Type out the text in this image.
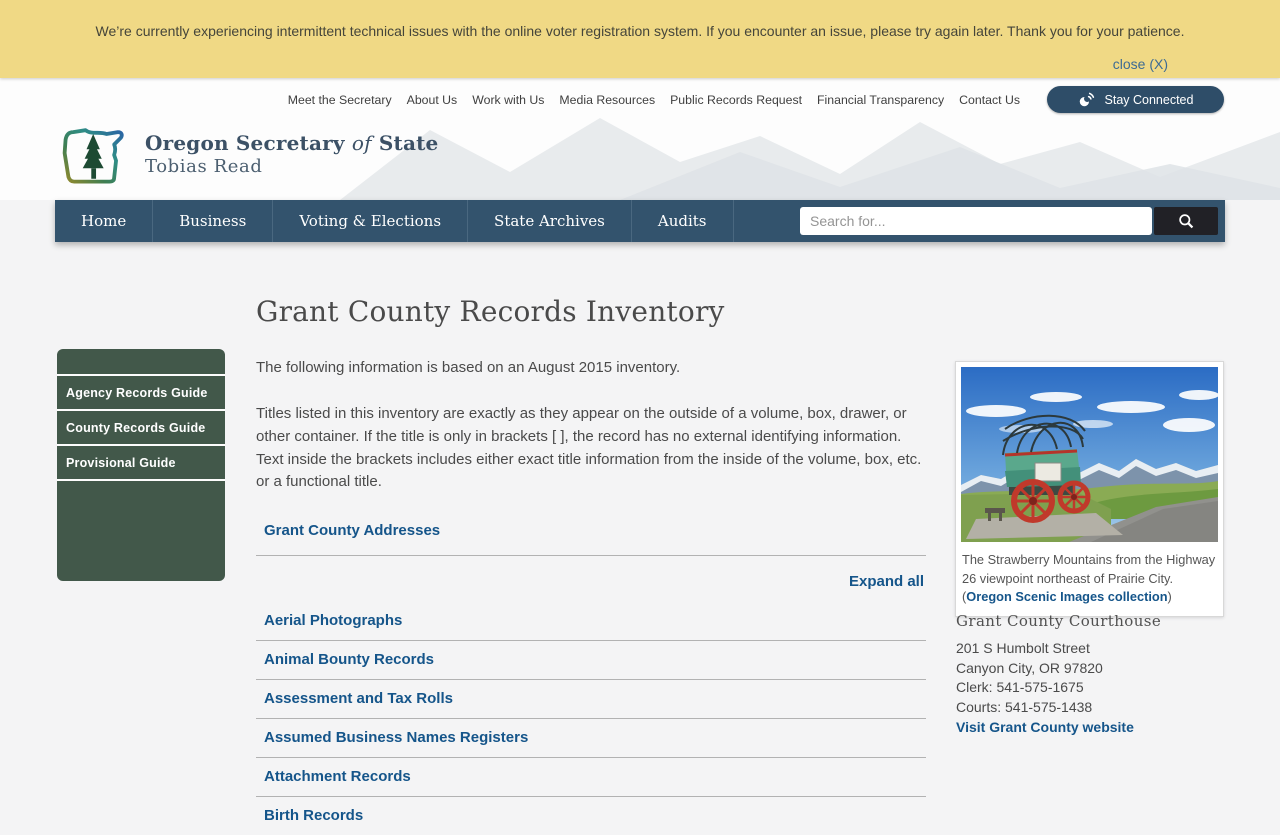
We’re currently experiencing intermittent technical issues with the online voter registration system. If you encounter an issue, please try again later. Thank you for your patience.
close (X)
Meet the Secretary About Us Work with Us Media Resources Public Records Request Financial Transparency Contact Us	Stay Connected
Oregon Secretary of State
Tobias Read
Home	Business	Voting & Elections	State Archives	Audits
Search for...
Grant County Records Inventory
Agency Records Guide
County Records Guide
Provisional Guide

The following information is based on an August 2015 inventory.

Titles listed in this inventory are exactly as they appear on the outside of a volume, box, drawer, or other container. If the title is only in brackets [ ], the record has no external identifying information. Text inside the brackets includes either exact title information from the inside of the volume, box, etc. or a functional title.

Grant County Addresses
Expand all
Aerial Photographs
Animal Bounty Records
Assessment and Tax Rolls
Assumed Business Names Registers
Attachment Records
Birth Records

The Strawberry Mountains from the Highway 26 viewpoint northeast of Prairie City. (Oregon Scenic Images collection)

Grant County Courthouse
201 S Humbolt Street
Canyon City, OR 97820
Clerk: 541-575-1675
Courts: 541-575-1438
Visit Grant County website
